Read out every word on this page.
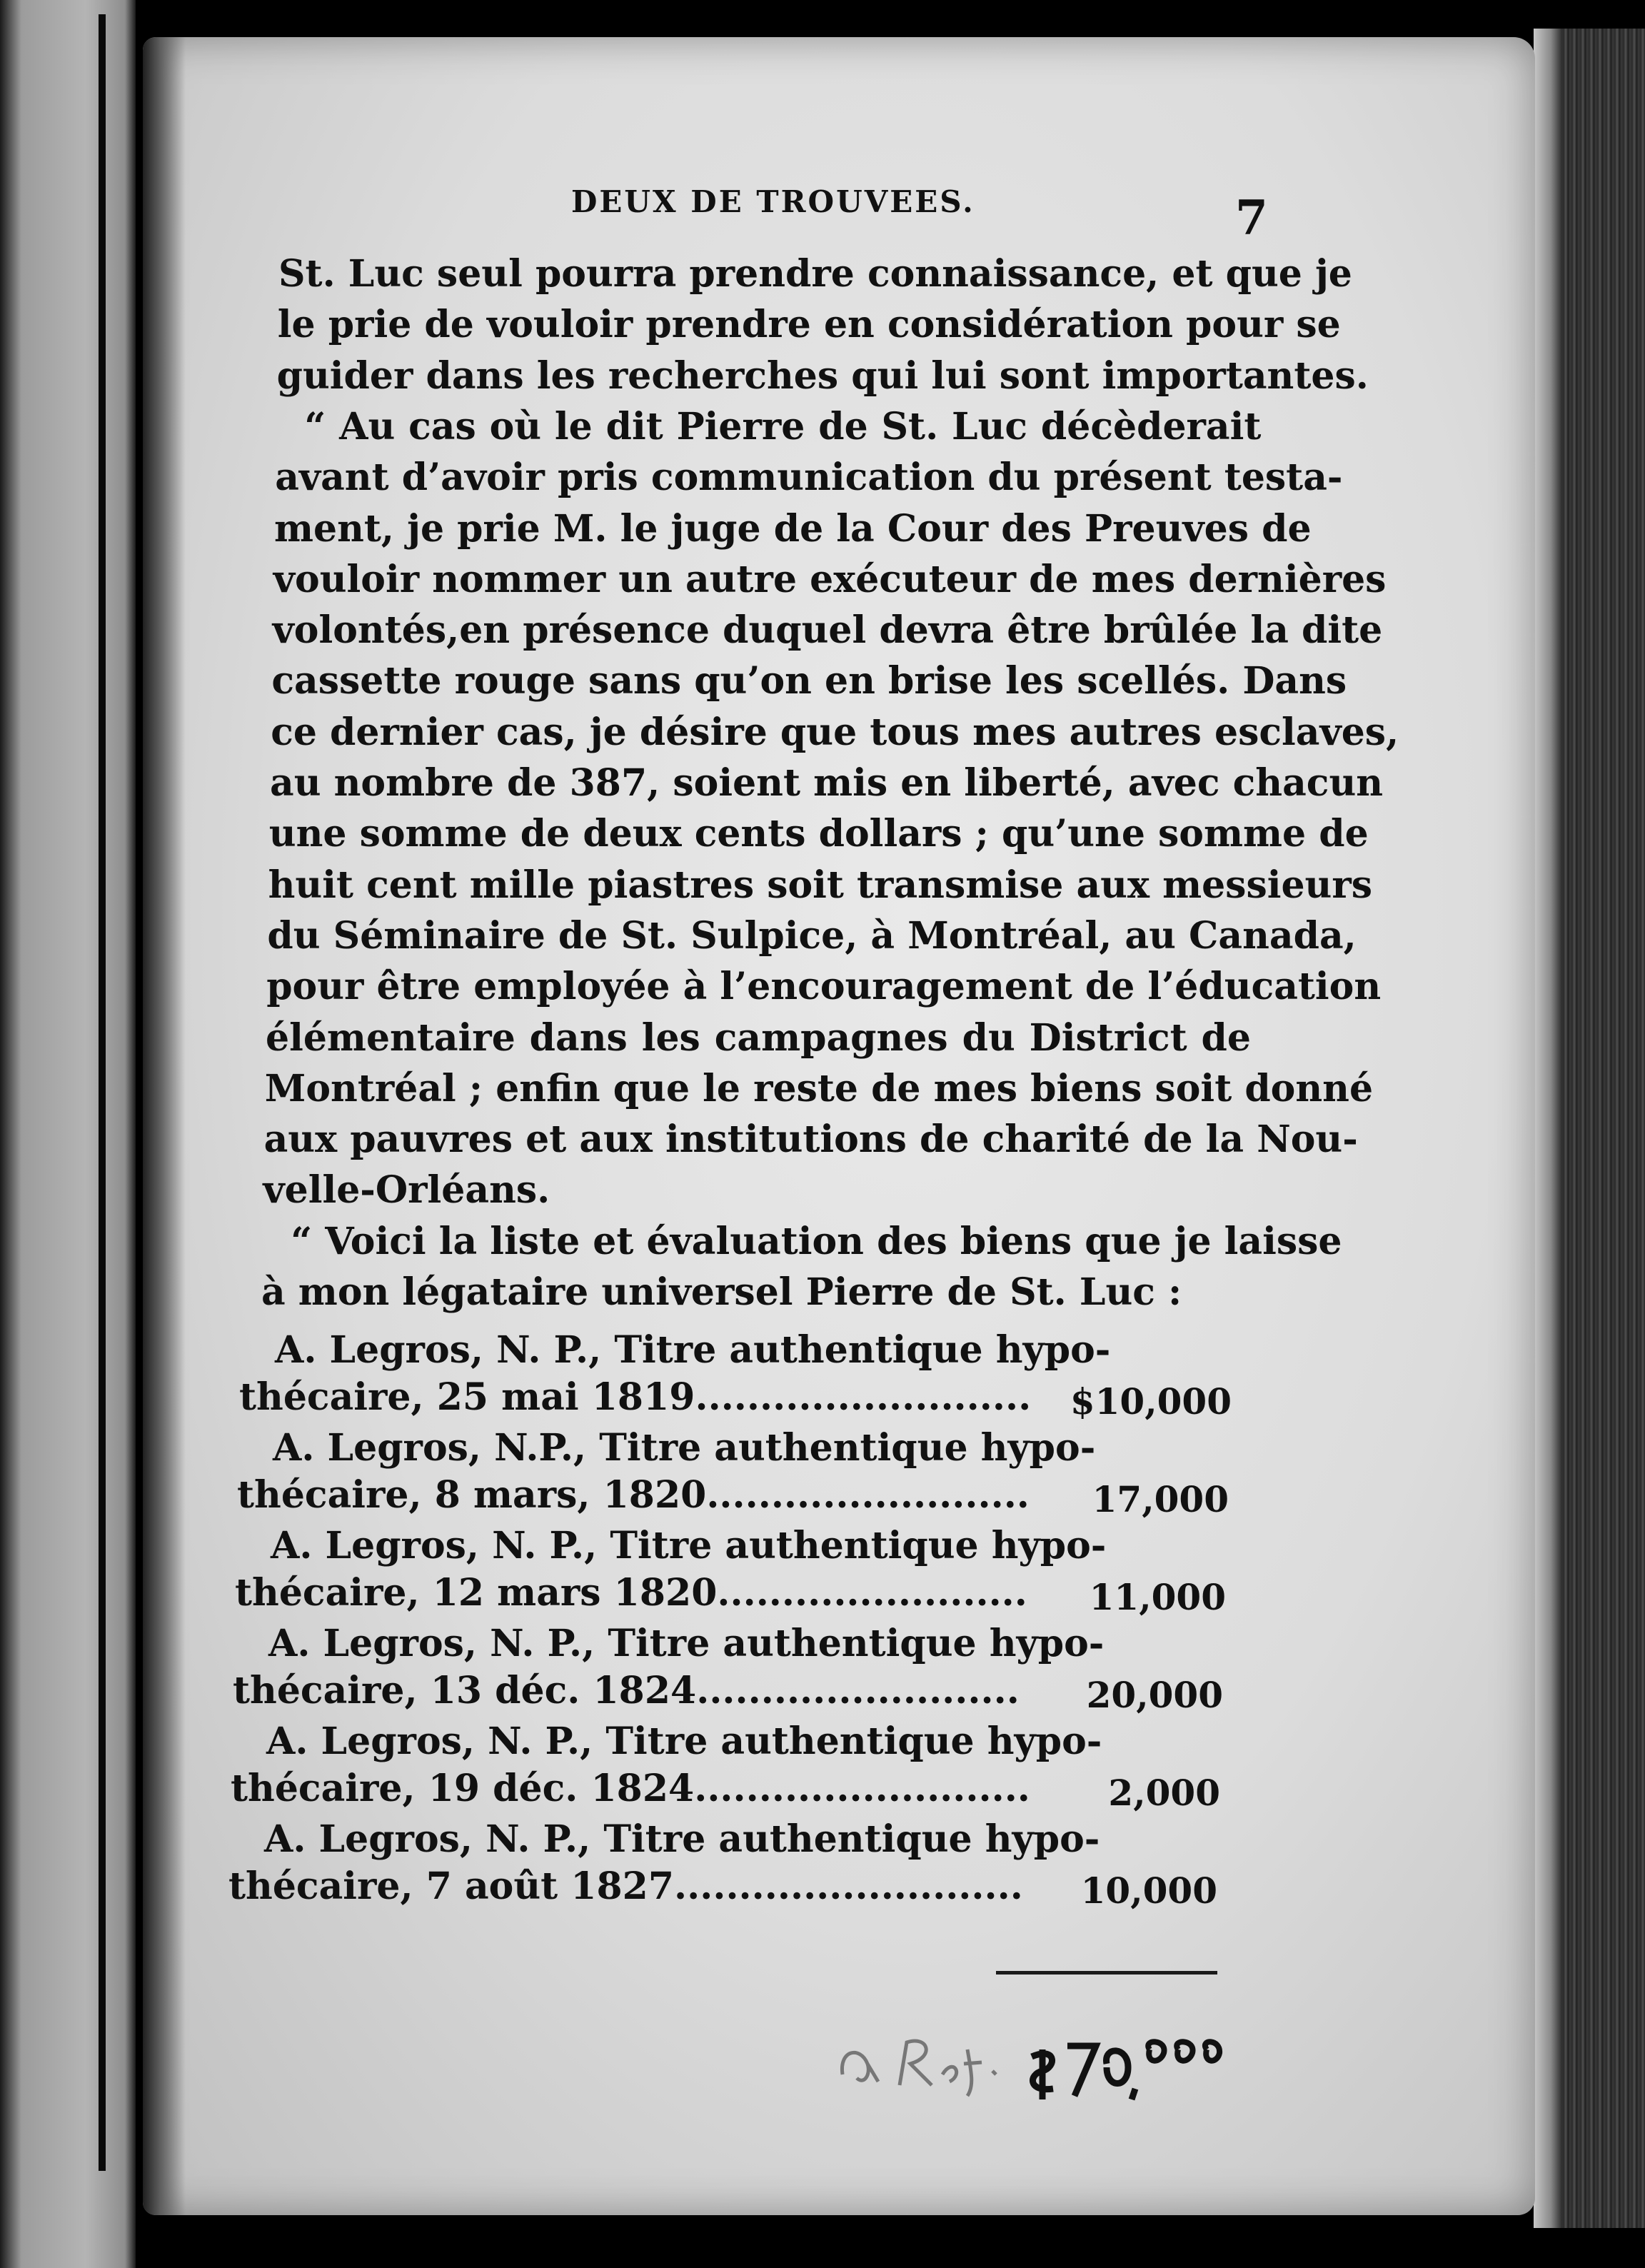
DEUX DE TROUVEES.	7
St. Luc seul pourra prendre connaissance, et que je
le prie de vouloir prendre en considération pour se
guider dans les recherches qui lui sont importantes.
“ Au cas où le dit Pierre de St. Luc décèderait
avant d’avoir pris communication du présent testa-
ment, je prie M. le juge de la Cour des Preuves de
vouloir nommer un autre exécuteur de mes dernières
volontés,en présence duquel devra être brûlée la dite
cassette rouge sans qu’on en brise les scellés. Dans
ce dernier cas, je désire que tous mes autres esclaves,
au nombre de 387, soient mis en liberté, avec chacun
une somme de deux cents dollars ; qu’une somme de
huit cent mille piastres soit transmise aux messieurs
du Séminaire de St. Sulpice, à Montréal, au Canada,
pour être employée à l’encouragement de l’éducation
élémentaire dans les campagnes du District de
Montréal ; enfin que le reste de mes biens soit donné
aux pauvres et aux institutions de charité de la Nou-
velle-Orléans.
“ Voici la liste et évaluation des biens que je laisse
à mon légataire universel Pierre de St. Luc :
A. Legros, N. P., Titre authentique hypo-
thécaire, 25 mai 1819..........................	$10,000
A. Legros, N.P., Titre authentique hypo-
thécaire, 8 mars, 1820.........................	17,000
A. Legros, N. P., Titre authentique hypo-
thécaire, 12 mars 1820........................	11,000
A. Legros, N. P., Titre authentique hypo-
thécaire, 13 déc. 1824.........................	20,000
A. Legros, N. P., Titre authentique hypo-
thécaire, 19 déc. 1824..........................	2,000
A. Legros, N. P., Titre authentique hypo-
thécaire, 7 août 1827...........................	10,000
